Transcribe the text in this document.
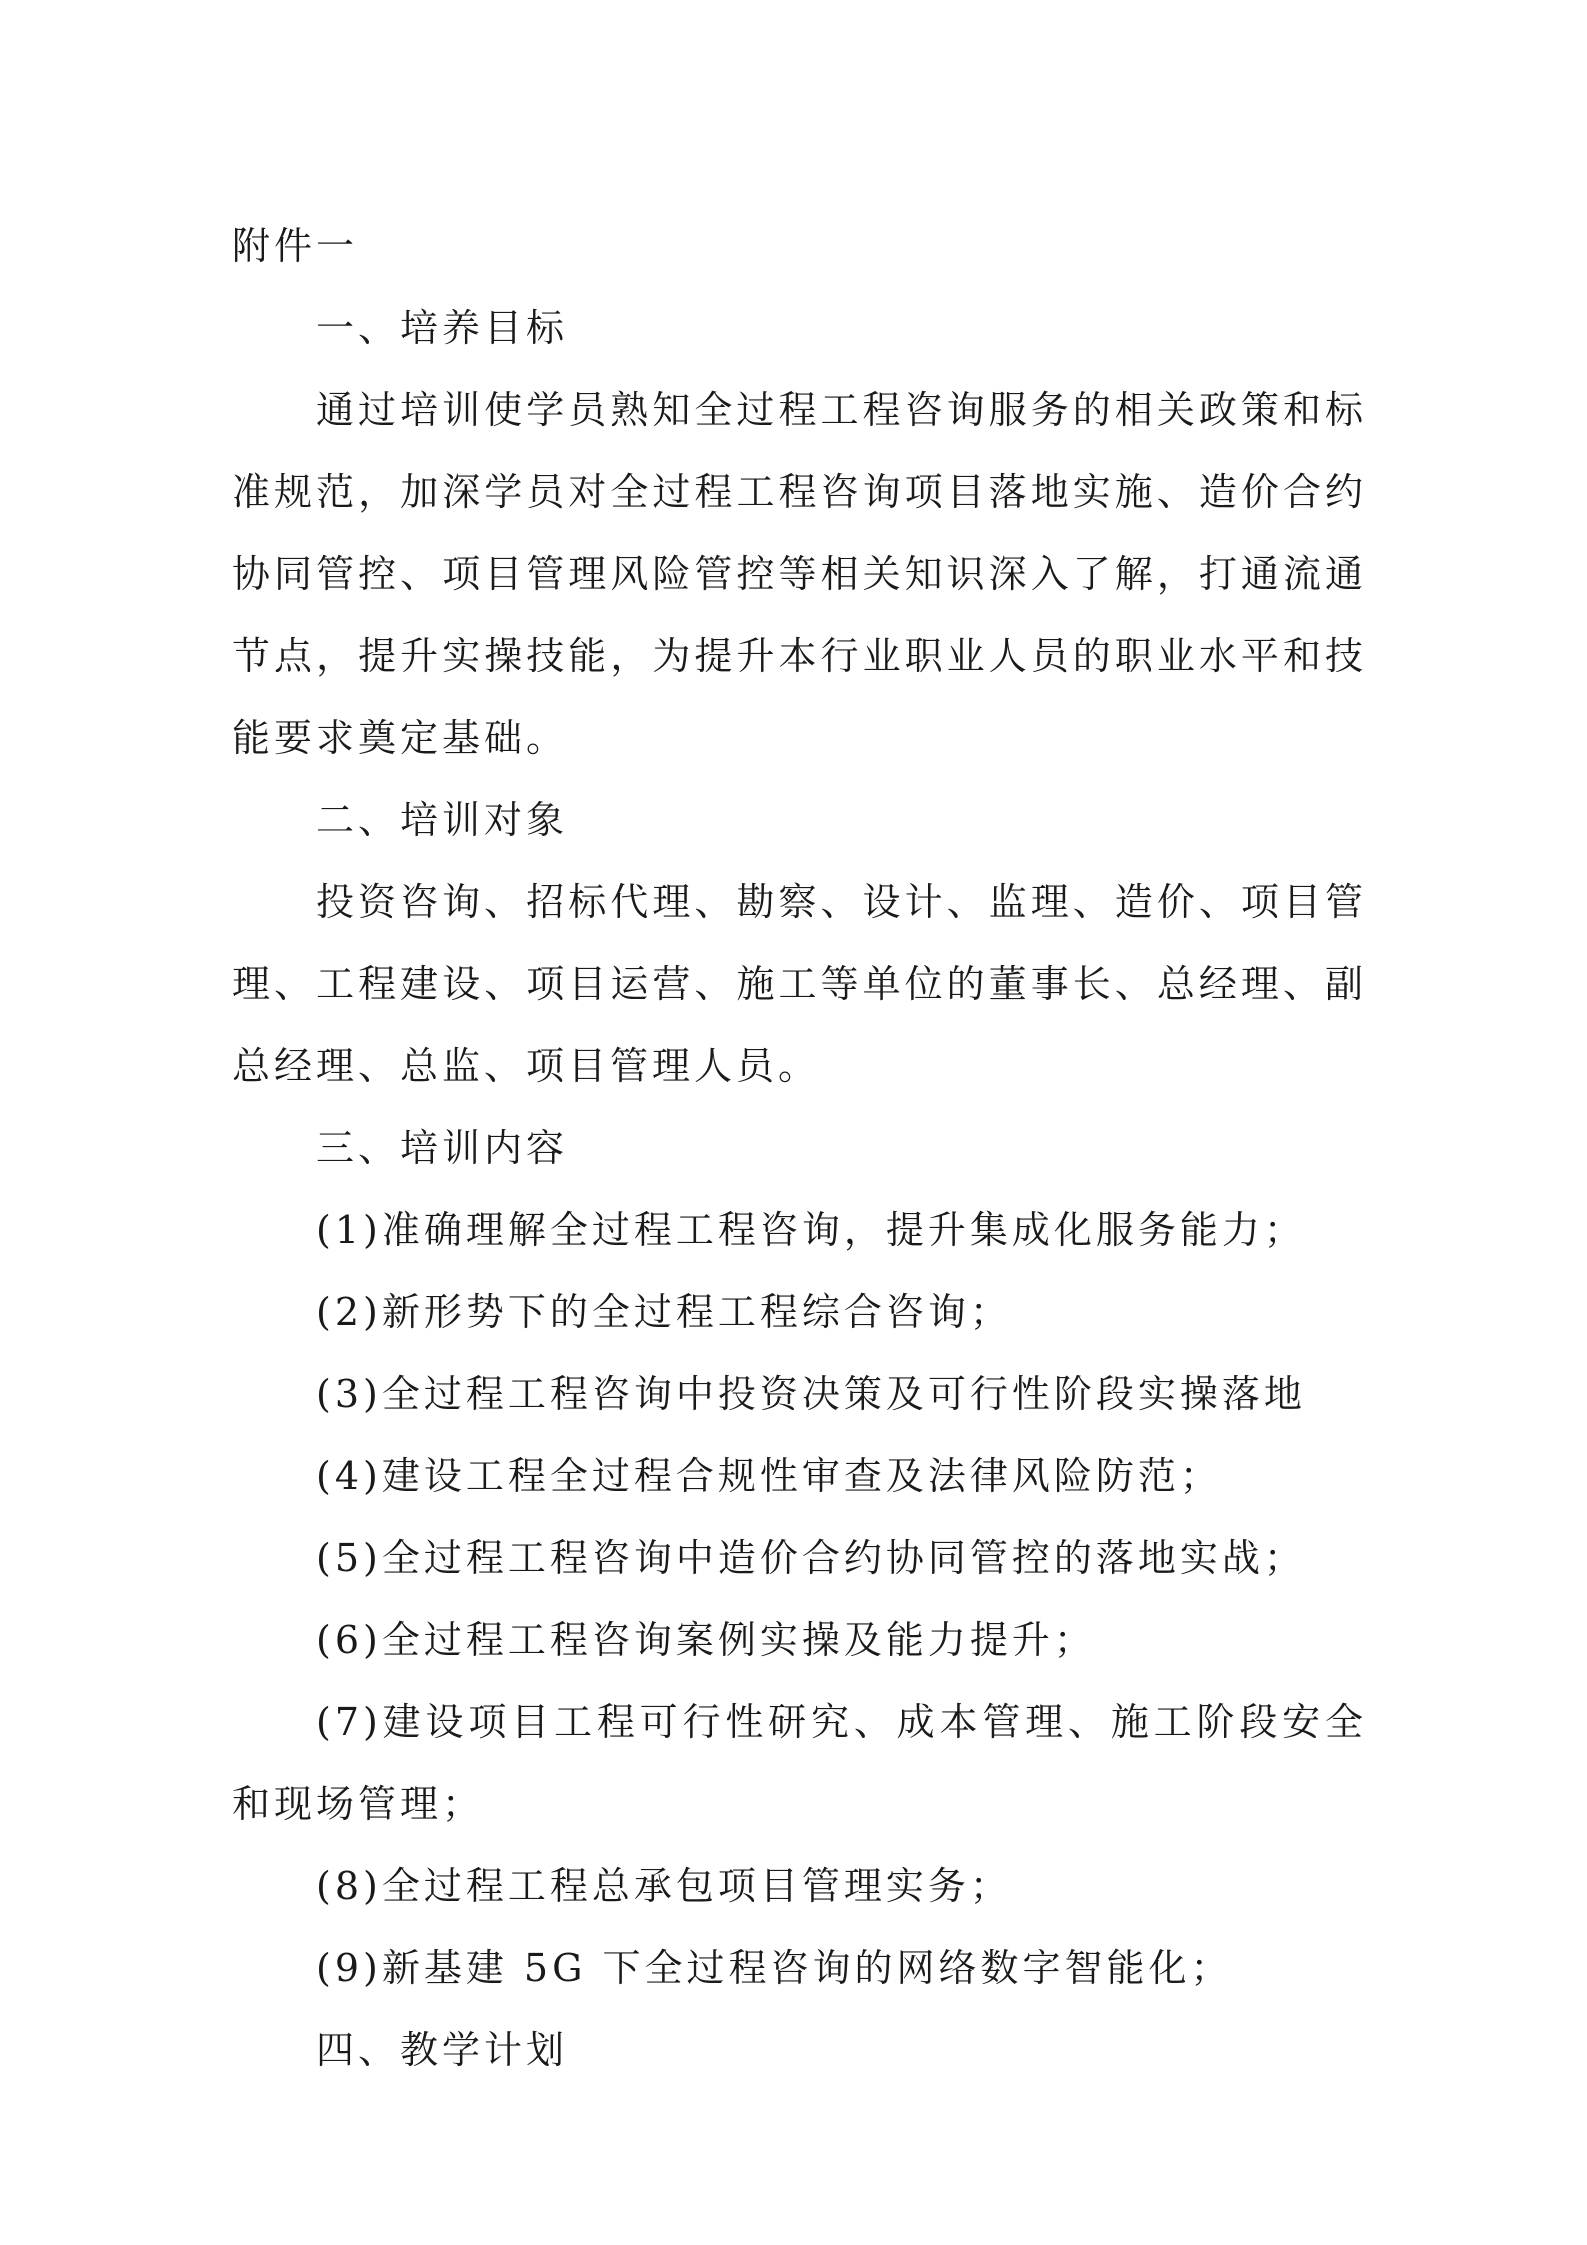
附件一

一、培养目标

通过培训使学员熟知全过程工程咨询服务的相关政策和标准规范，加深学员对全过程工程咨询项目落地实施、造价合约协同管控、项目管理风险管控等相关知识深入了解，打通流通节点，提升实操技能，为提升本行业职业人员的职业水平和技能要求奠定基础。

二、培训对象

投资咨询、招标代理、勘察、设计、监理、造价、项目管理、工程建设、项目运营、施工等单位的董事长、总经理、副总经理、总监、项目管理人员。

三、培训内容

(1)准确理解全过程工程咨询，提升集成化服务能力；

(2)新形势下的全过程工程综合咨询；

(3)全过程工程咨询中投资决策及可行性阶段实操落地

(4)建设工程全过程合规性审查及法律风险防范；

(5)全过程工程咨询中造价合约协同管控的落地实战；

(6)全过程工程咨询案例实操及能力提升；

(7)建设项目工程可行性研究、成本管理、施工阶段安全和现场管理；

(8)全过程工程总承包项目管理实务；

(9)新基建 5G 下全过程咨询的网络数字智能化；

四、教学计划
